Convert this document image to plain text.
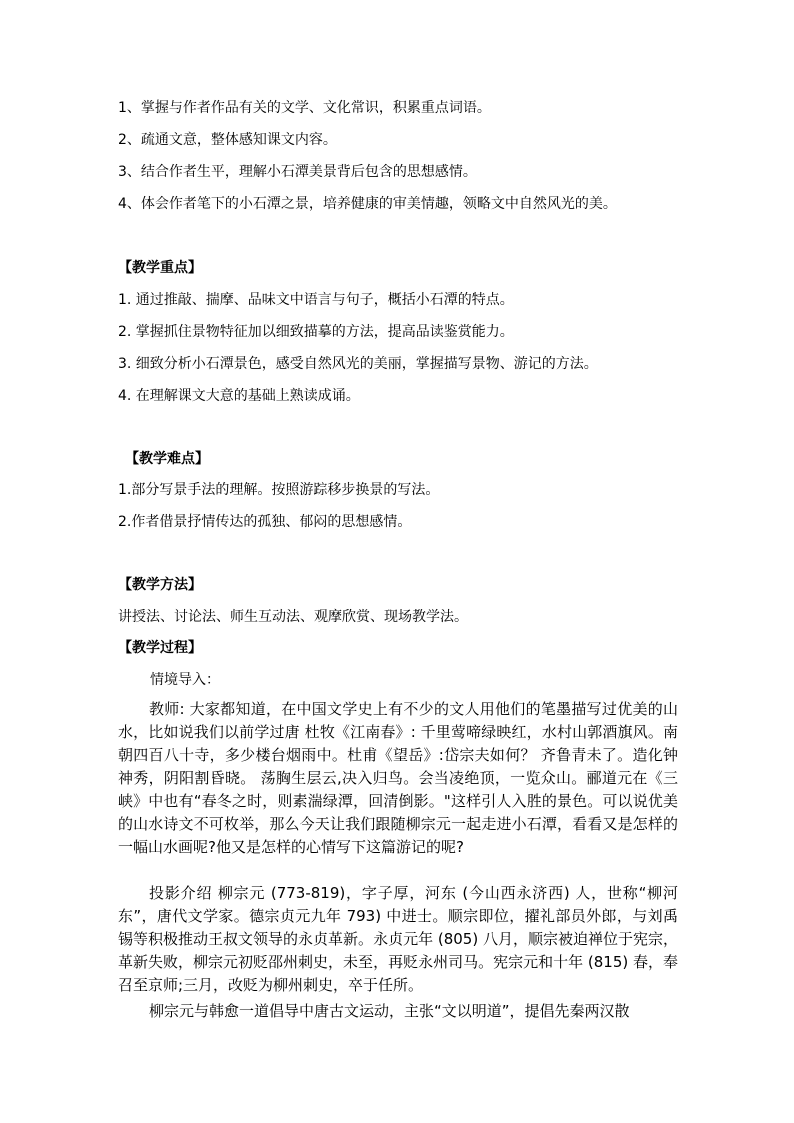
1、掌握与作者作品有关的文学、文化常识，积累重点词语。
2、疏通文意，整体感知课文内容。
3、结合作者生平，理解小石潭美景背后包含的思想感情。
4、体会作者笔下的小石潭之景，培养健康的审美情趣，领略文中自然风光的美。
【教学重点】
1. 通过推敲、揣摩、品味文中语言与句子，概括小石潭的特点。
2. 掌握抓住景物特征加以细致描摹的方法，提高品读鉴赏能力。
3. 细致分析小石潭景色，感受自然风光的美丽，掌握描写景物、游记的方法。
4. 在理解课文大意的基础上熟读成诵。
【教学难点】
1.部分写景手法的理解。按照游踪移步换景的写法。
2.作者借景抒情传达的孤独、郁闷的思想感情。
【教学方法】
讲授法、讨论法、师生互动法、观摩欣赏、现场教学法。
【教学过程】
情境导入：
教师: 大家都知道，在中国文学史上有不少的文人用他们的笔墨描写过优美的山水，比如说我们以前学过唐 杜牧《江南春》: 千里莺啼绿映红，水村山郭酒旗风。南朝四百八十寺，多少楼台烟雨中。杜甫《望岳》:岱宗夫如何？ 齐鲁青未了。造化钟神秀，阴阳割昏晓。 荡胸生层云,决入归鸟。会当凌绝顶，一览众山。郦道元在《三峡》中也有“春冬之时，则素湍绿潭，回清倒影。"这样引人入胜的景色。可以说优美的山水诗文不可枚举，那么今天让我们跟随柳宗元一起走进小石潭，看看又是怎样的一幅山水画呢?他又是怎样的心情写下这篇游记的呢?
投影介绍 柳宗元 (773-819)，字子厚，河东 (今山西永济西) 人，世称“柳河东”，唐代文学家。德宗贞元九年 793) 中进士。顺宗即位，擢礼部员外郎，与刘禹锡等积极推动王叔文领导的永贞革新。永贞元年 (805) 八月，顺宗被迫禅位于宪宗，革新失败，柳宗元初贬邵州刺史，未至，再贬永州司马。宪宗元和十年 (815) 春，奉召至京师;三月，改贬为柳州刺史，卒于任所。
柳宗元与韩愈一道倡导中唐古文运动，主张“文以明道”，提倡先秦两汉散
